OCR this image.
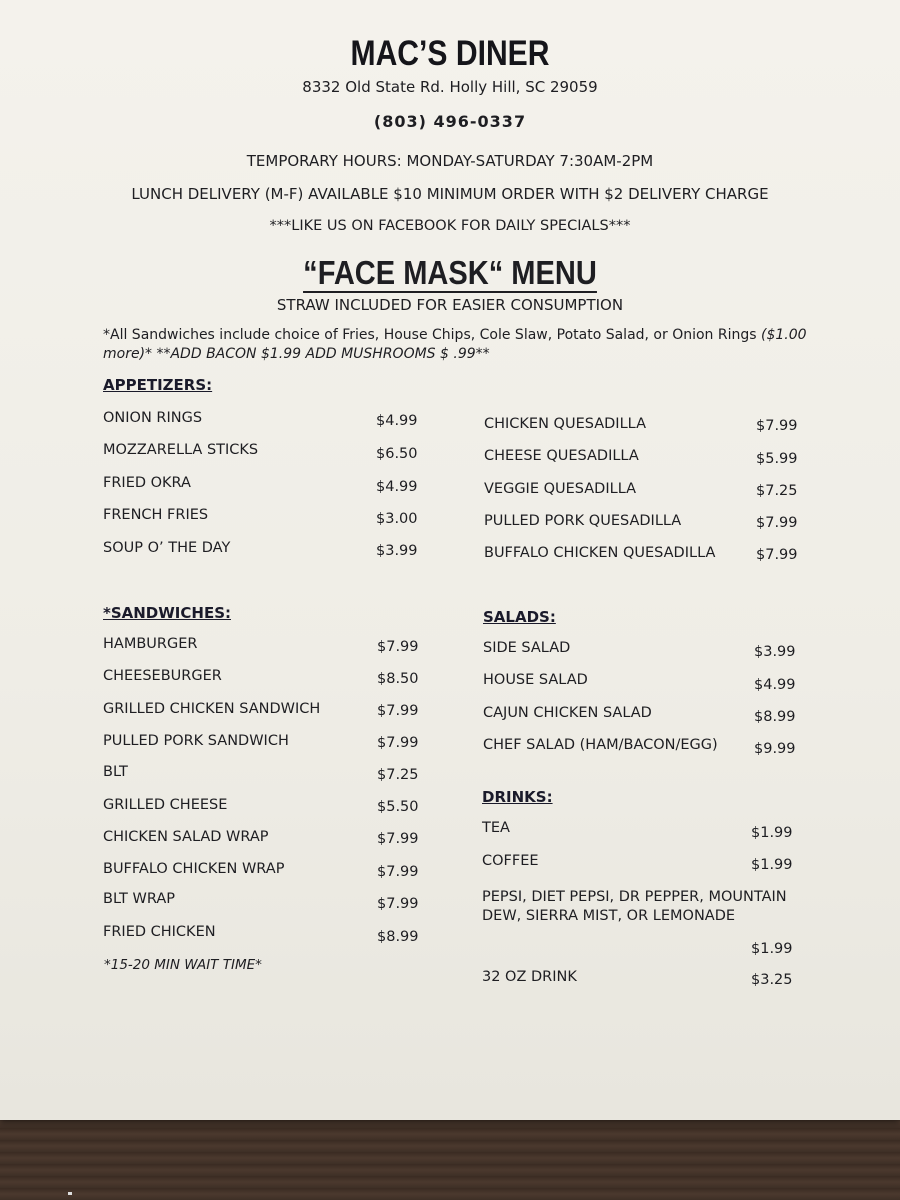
MAC’S DINER
8332 Old State Rd. Holly Hill, SC 29059
(803) 496-0337
TEMPORARY HOURS: MONDAY-SATURDAY 7:30AM-2PM
LUNCH DELIVERY (M-F) AVAILABLE $10 MINIMUM ORDER WITH $2 DELIVERY CHARGE
***LIKE US ON FACEBOOK FOR DAILY SPECIALS***
“FACE MASK“ MENU
STRAW INCLUDED FOR EASIER CONSUMPTION
*All Sandwiches include choice of Fries, House Chips, Cole Slaw, Potato Salad, or Onion Rings ($1.00 more)* **ADD BACON $1.99 ADD MUSHROOMS $ .99**
APPETIZERS:
ONION RINGS	$4.99
MOZZARELLA STICKS	$6.50
FRIED OKRA	$4.99
FRENCH FRIES	$3.00
SOUP O’ THE DAY	$3.99
CHICKEN QUESADILLA	$7.99
CHEESE QUESADILLA	$5.99
VEGGIE QUESADILLA	$7.25
PULLED PORK QUESADILLA	$7.99
BUFFALO CHICKEN QUESADILLA	$7.99
*SANDWICHES:
HAMBURGER	$7.99
CHEESEBURGER	$8.50
GRILLED CHICKEN SANDWICH	$7.99
PULLED PORK SANDWICH	$7.99
BLT	$7.25
GRILLED CHEESE	$5.50
CHICKEN SALAD WRAP	$7.99
BUFFALO CHICKEN WRAP	$7.99
BLT WRAP	$7.99
FRIED CHICKEN	$8.99
*15-20 MIN WAIT TIME*
SALADS:
SIDE SALAD	$3.99
HOUSE SALAD	$4.99
CAJUN CHICKEN SALAD	$8.99
CHEF SALAD (HAM/BACON/EGG)	$9.99
DRINKS:
TEA	$1.99
COFFEE	$1.99
PEPSI, DIET PEPSI, DR PEPPER, MOUNTAIN DEW, SIERRA MIST, OR LEMONADE
$1.99
32 OZ DRINK	$3.25
